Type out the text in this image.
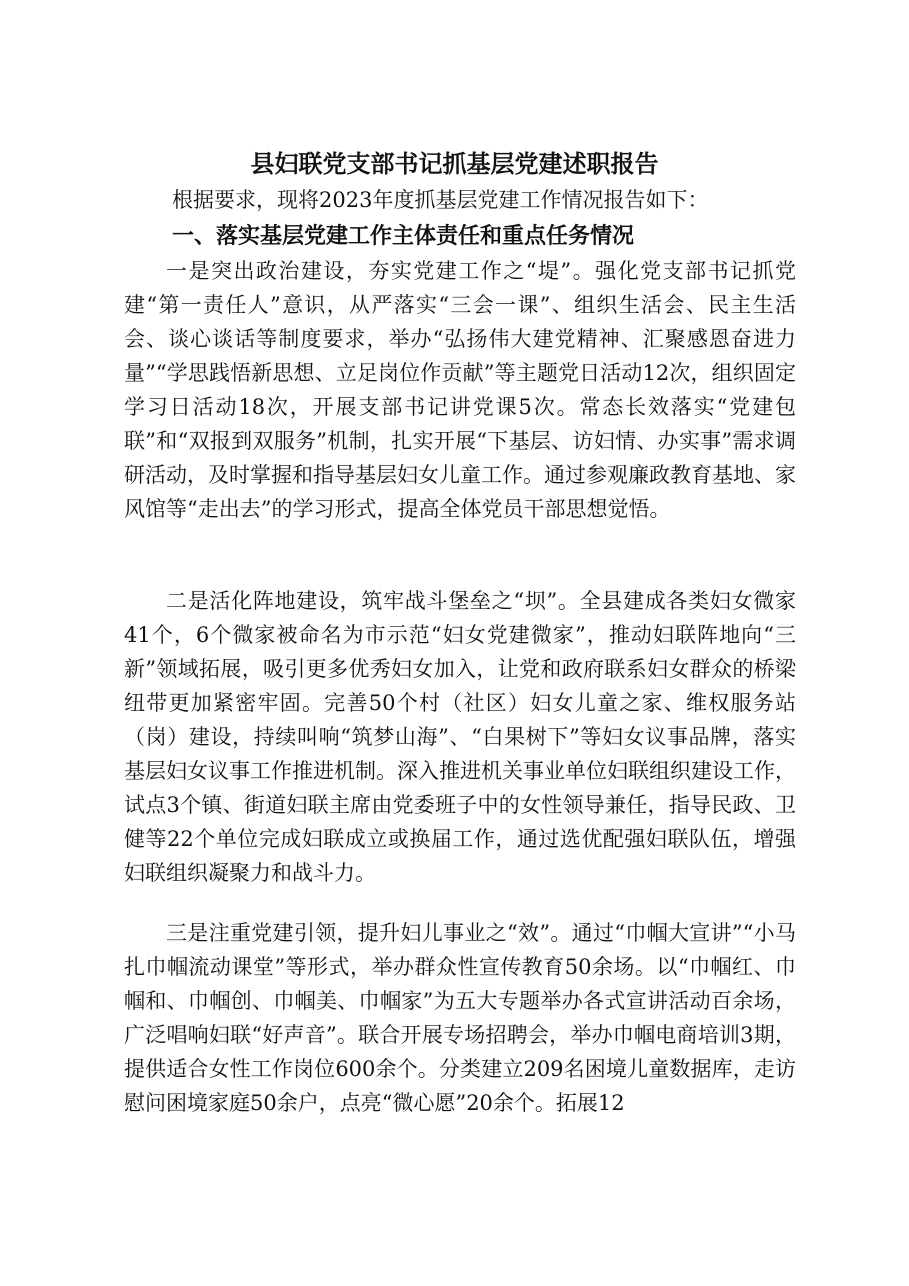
县妇联党支部书记抓基层党建述职报告
根据要求，现将2023年度抓基层党建工作情况报告如下：
一、落实基层党建工作主体责任和重点任务情况

一是突出政治建设，夯实党建工作之“堤”。强化党支部书记抓党建“第一责任人”意识，从严落实“三会一课”、组织生活会、民主生活会、谈心谈话等制度要求，举办“弘扬伟大建党精神、汇聚感恩奋进力量”“学思践悟新思想、立足岗位作贡献”等主题党日活动12次，组织固定学习日活动18次，开展支部书记讲党课5次。常态长效落实“党建包联”和“双报到双服务”机制，扎实开展“下基层、访妇情、办实事”需求调研活动，及时掌握和指导基层妇女儿童工作。通过参观廉政教育基地、家风馆等“走出去”的学习形式，提高全体党员干部思想觉悟。

二是活化阵地建设，筑牢战斗堡垒之“坝”。全县建成各类妇女微家41个，6个微家被命名为市示范“妇女党建微家”，推动妇联阵地向“三新”领域拓展，吸引更多优秀妇女加入，让党和政府联系妇女群众的桥梁纽带更加紧密牢固。完善50个村（社区）妇女儿童之家、维权服务站（岗）建设，持续叫响“筑梦山海”、“白果树下”等妇女议事品牌，落实基层妇女议事工作推进机制。深入推进机关事业单位妇联组织建设工作，试点3个镇、街道妇联主席由党委班子中的女性领导兼任，指导民政、卫健等22个单位完成妇联成立或换届工作，通过选优配强妇联队伍，增强妇联组织凝聚力和战斗力。

三是注重党建引领，提升妇儿事业之“效”。通过“巾帼大宣讲”“小马扎巾帼流动课堂”等形式，举办群众性宣传教育50余场。以“巾帼红、巾帼和、巾帼创、巾帼美、巾帼家”为五大专题举办各式宣讲活动百余场，广泛唱响妇联“好声音”。联合开展专场招聘会，举办巾帼电商培训3期，提供适合女性工作岗位600余个。分类建立209名困境儿童数据库，走访慰问困境家庭50余户，点亮“微心愿”20余个。拓展12
